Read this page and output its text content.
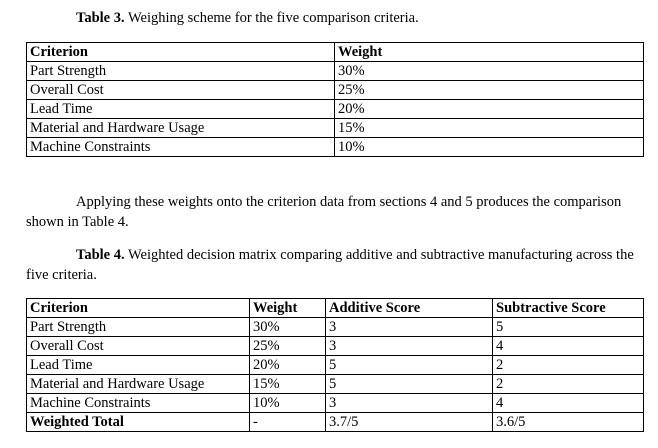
Table 3. Weighing scheme for the five comparison criteria.

Criterion	Weight
Part Strength	30%
Overall Cost	25%
Lead Time	20%
Material and Hardware Usage	15%
Machine Constraints	10%

Applying these weights onto the criterion data from sections 4 and 5 produces the comparison shown in Table 4.

Table 4. Weighted decision matrix comparing additive and subtractive manufacturing across the five criteria.

Criterion	Weight	Additive Score	Subtractive Score
Part Strength	30%	3	5
Overall Cost	25%	3	4
Lead Time	20%	5	2
Material and Hardware Usage	15%	5	2
Machine Constraints	10%	3	4
Weighted Total	-	3.7/5	3.6/5
